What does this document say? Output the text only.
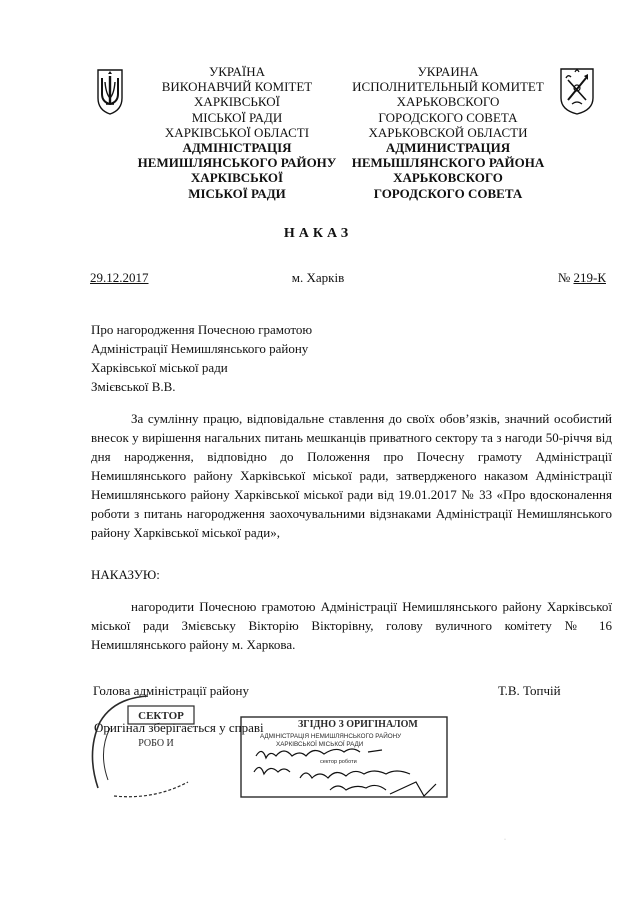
УКРАЇНА
ВИКОНАВЧИЙ КОМІТЕТ
ХАРКІВСЬКОЇ
МІСЬКОЇ РАДИ
ХАРКІВСЬКОЇ ОБЛАСТІ
АДМІНІСТРАЦІЯ
НЕМИШЛЯНСЬКОГО РАЙОНУ
ХАРКІВСЬКОЇ
МІСЬКОЇ РАДИ
УКРАИНА
ИСПОЛНИТЕЛЬНЫЙ КОМИТЕТ
ХАРЬКОВСКОГО
ГОРОДСКОГО СОВЕТА
ХАРЬКОВСКОЙ ОБЛАСТИ
АДМИНИСТРАЦИЯ
НЕМЫШЛЯНСКОГО РАЙОНА
ХАРЬКОВСКОГО
ГОРОДСКОГО СОВЕТА
НАКАЗ
29.12.2017	м. Харків	№ 219-К
Про нагородження Почесною грамотою
Адміністрації Немишлянського району
Харківської міської ради
Змієвської В.В.
За сумлінну працю, відповідальне ставлення до своїх обов’язків, значний особистий внесок у вирішення нагальних питань мешканців приватного сектору та з нагоди 50-річчя від дня народження, відповідно до Положення про Почесну грамоту Адміністрації Немишлянського району Харківської міської ради, затвердженого наказом Адміністрації Немишлянського району Харківської міської ради від 19.01.2017 № 33 «Про вдосконалення роботи з питань нагородження заохочувальними відзнаками Адміністрації Немишлянського району Харківської міської ради»,
НАКАЗУЮ:
нагородити Почесною грамотою Адміністрації Немишлянського району Харківської міської ради Змієвську Вікторію Вікторівну, голову вуличного комітету № 16 Немишлянського району м. Харкова.
Голова адміністрації району	Т.В. Топчій
СЕКТОР
РОБО И
ЗГІДНО З ОРИГІНАЛОМ
АДМІНІСТРАЦІЯ НЕМИШЛЯНСЬКОГО РАЙОНУ
ХАРКІВСЬКОЇ МІСЬКОЇ РАДИ
сектор роботи
Оригінал зберігається у справі
·
